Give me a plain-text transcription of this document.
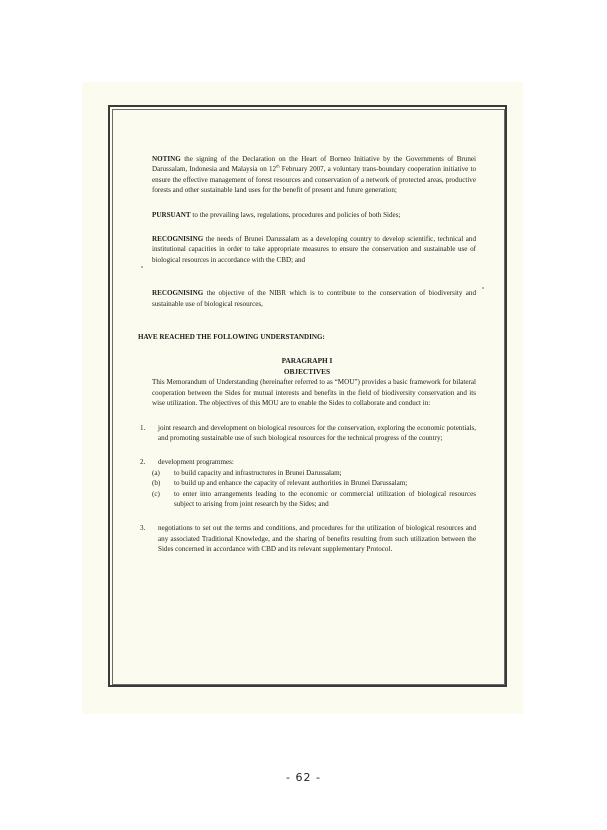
NOTING the signing of the Declaration on the Heart of Borneo Initiative by the Governments of Brunei Darussalam, Indonesia and Malaysia on 12th February 2007, a voluntary trans-boundary cooperation initiative to ensure the effective management of forest resources and conservation of a network of protected areas, productive forests and other sustainable land uses for the benefit of present and future generation;

PURSUANT to the prevailing laws, regulations, procedures and policies of both Sides;

RECOGNISING the needs of Brunei Darussalam as a developing country to develop scientific, technical and institutional capacities in order to take appropriate measures to ensure the conservation and sustainable use of biological resources in accordance with the CBD; and

RECOGNISING the objective of the NIBR which is to contribute to the conservation of biodiversity and sustainable use of biological resources,

HAVE REACHED THE FOLLOWING UNDERSTANDING:

PARAGRAPH I

OBJECTIVES

This Memorandum of Understanding (hereinafter referred to as “MOU”) provides a basic framework for bilateral cooperation between the Sides for mutual interests and benefits in the field of biodiversity conservation and its wise utilization. The objectives of this MOU are to enable the Sides to collaborate and conduct in:

1. joint research and development on biological resources for the conservation, exploring the economic potentials, and promoting sustainable use of such biological resources for the technical progress of the country;

2. development programmes:

(a) to build capacity and infrastructures in Brunei Darussalam;

(b) to build up and enhance the capacity of relevant authorities in Brunei Darussalam;

(c) to enter into arrangements leading to the economic or commercial utilization of biological resources subject to arising from joint research by the Sides; and

3. negotiations to set out the terms and conditions, and procedures for the utilization of biological resources and any associated Traditional Knowledge, and the sharing of benefits resulting from such utilization between the Sides concerned in accordance with CBD and its relevant supplementary Protocol.

- 62 -
